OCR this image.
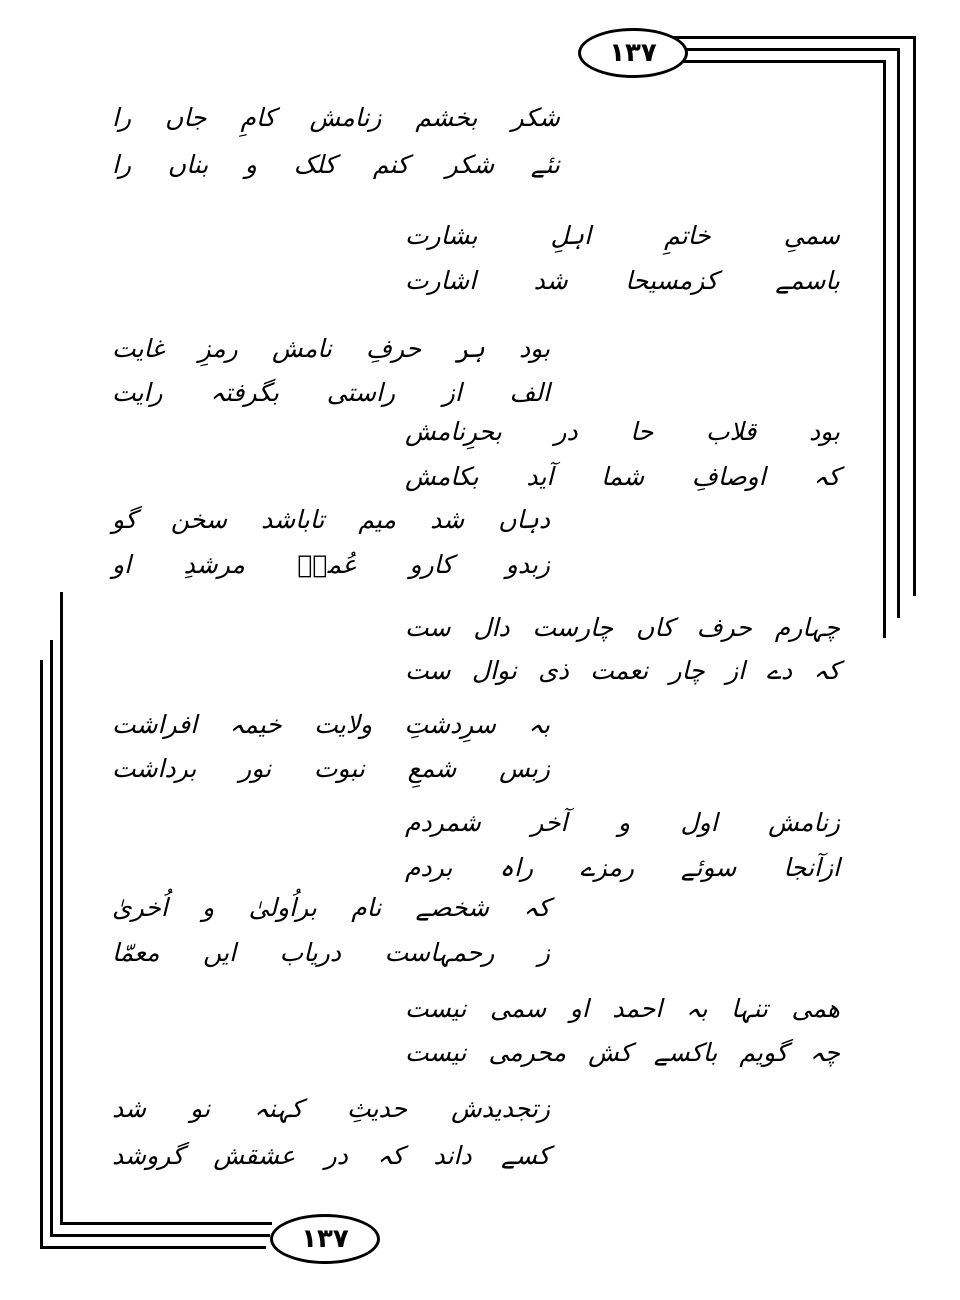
۱۳۷
۱۳۷
شکر
بخشم
زنامش
کامِ
جاں
را
نئے
شکر
کنم
کلک
و
بناں
را
سمیِ
خاتمِ
اہلِ
بشارت
باسمے
کزمسیحا
شد
اشارت
بود
ہر
حرفِ
نامش
رمزِ
غایت
الف
از
راستی
بگرفتہ
رایت
بود
قلاب
حا
در
بحرِنامش
کہ
اوصافِ
شما
آید
بکامش
دہاں
شد
میم
تاباشد
سخن
گو
زبدو
کارو
عُمرؔ
مرشدِ
او
چہارم
حرف
کاں
چارست
دال
ست
کہ
دے
از
چار
نعمت
ذی
نوال
ست
بہ
سرِدشتِ
ولایت
خیمہ
افراشت
زبس
شمعِ
نبوت
نور
برداشت
زنامش
اول
و
آخر
شمردم
ازآنجا
سوئے
رمزے
راہ
بردم
کہ
شخصے
نام
براُولیٰ
و
اُخریٰ
ز
رحمہاست
دریاب
ایں
معمّا
ھمی
تنہا
بہ
احمد
او
سمی
نیست
چہ
گویم
باکسے
کش
محرمی
نیست
زتجدیدش
حدیثِ
کہنہ
نو
شد
کسے
داند
کہ
در
عشقش
گروشد
